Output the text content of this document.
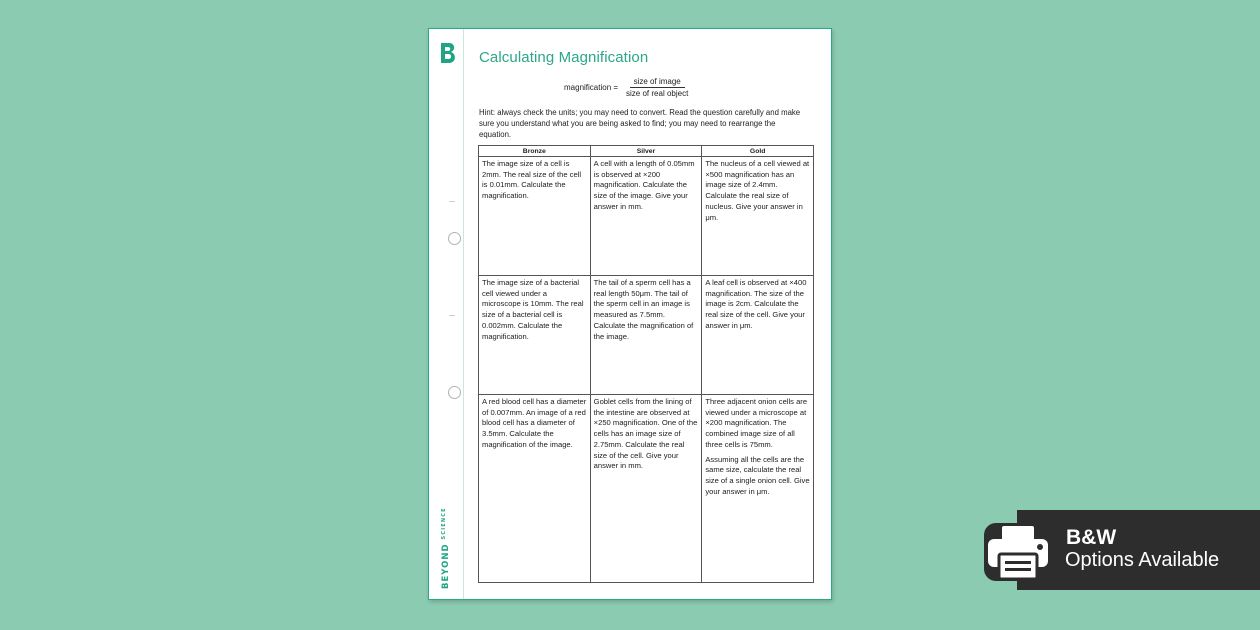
BEYONDSCIENCE
Calculating Magnification
magnification = $\frac{\text{size of image}}{\text{size of real object}}$
Hint: always check the units; you may need to convert. Read the question carefully and make sure you understand what you are being asked to find; you may need to rearrange the equation.
Bronze	Silver	Gold
The image size of a cell is 2mm. The real size of the cell is 0.01mm. Calculate the magnification.	A cell with a length of 0.05mm is observed at ×200 magnification. Calculate the size of the image. Give your answer in mm.	The nucleus of a cell viewed at ×500 magnification has an image size of 2.4mm. Calculate the real size of nucleus. Give your answer in μm.
The image size of a bacterial cell viewed under a microscope is 10mm. The real size of a bacterial cell is 0.002mm. Calculate the magnification.	The tail of a sperm cell has a real length 50μm. The tail of the sperm cell in an image is measured as 7.5mm. Calculate the magnification of the image.	A leaf cell is observed at ×400 magnification. The size of the image is 2cm. Calculate the real size of the cell. Give your answer in μm.
A red blood cell has a diameter of 0.007mm. An image of a red blood cell has a diameter of 3.5mm. Calculate the magnification of the image.	Goblet cells from the lining of the intestine are observed at ×250 magnification. One of the cells has an image size of 2.75mm. Calculate the real size of the cell. Give your answer in mm.	Three adjacent onion cells are viewed under a microscope at ×200 magnification. The combined image size of all three cells is 75mm.

Assuming all the cells are the same size, calculate the real size of a single onion cell. Give your answer in μm.

B&W
Options Available
